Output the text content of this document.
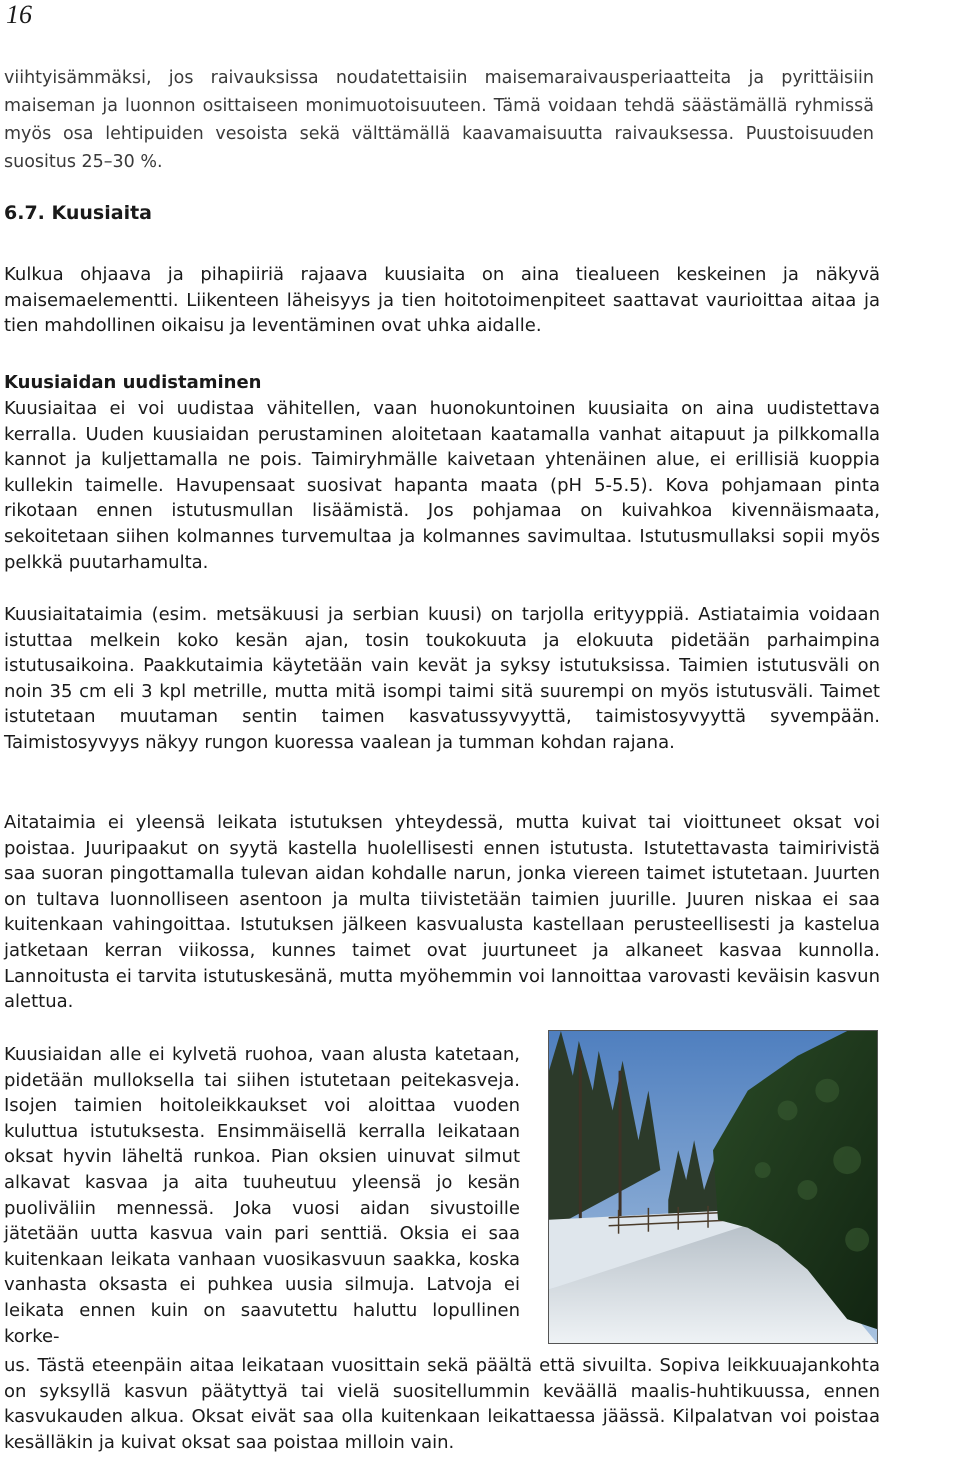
16

viihtyisämmäksi, jos raivauksissa noudatettaisiin maisemaraivausperiaatteita ja pyrittäisiin maiseman ja luonnon osittaiseen monimuotoisuuteen. Tämä voidaan tehdä säästämällä ryhmissä myös osa lehtipuiden vesoista sekä välttämällä kaavamaisuutta raivauksessa. Puustoisuuden suositus 25–30 %.

6.7. Kuusiaita

Kulkua ohjaava ja pihapiiriä rajaava kuusiaita on aina tiealueen keskeinen ja näkyvä maisemaelementti. Liikenteen läheisyys ja tien hoitotoimenpiteet saattavat vaurioittaa aitaa ja tien mahdollinen oikaisu ja leventäminen ovat uhka aidalle.

Kuusiaidan uudistaminen

Kuusiaitaa ei voi uudistaa vähitellen, vaan huonokuntoinen kuusiaita on aina uudistettava kerralla. Uuden kuusiaidan perustaminen aloitetaan kaatamalla vanhat aitapuut ja pilkkomalla kannot ja kuljettamalla ne pois. Taimiryhmälle kaivetaan yhtenäinen alue, ei erillisiä kuoppia kullekin taimelle. Havupensaat suosivat hapanta maata (pH 5-5.5). Kova pohjamaan pinta rikotaan ennen istutusmullan lisäämistä. Jos pohjamaa on kuivahkoa kivennäismaata, sekoitetaan siihen kolmannes turvemultaa ja kolmannes savimultaa. Istutusmullaksi sopii myös pelkkä puutarhamulta.

Kuusiaitataimia (esim. metsäkuusi ja serbian kuusi) on tarjolla erityyppiä. Astiataimia voidaan istuttaa melkein koko kesän ajan, tosin toukokuuta ja elokuuta pidetään parhaimpina istutusaikoina. Paakkutaimia käytetään vain kevät ja syksy istutuksissa. Taimien istutusväli on noin 35 cm eli 3 kpl metrille, mutta mitä isompi taimi sitä suurempi on myös istutusväli. Taimet istutetaan muutaman sentin taimen kasvatussyvyyttä, taimistosyvyyttä syvempään. Taimistosyvyys näkyy rungon kuoressa vaalean ja tumman kohdan rajana.

Aitataimia ei yleensä leikata istutuksen yhteydessä, mutta kuivat tai vioittuneet oksat voi poistaa. Juuripaakut on syytä kastella huolellisesti ennen istutusta. Istutettavasta taimirivistä saa suoran pingottamalla tulevan aidan kohdalle narun, jonka viereen taimet istutetaan. Juurten on tultava luonnolliseen asentoon ja multa tiivistetään taimien juurille. Juuren niskaa ei saa kuitenkaan vahingoittaa. Istutuksen jälkeen kasvualusta kastellaan perusteellisesti ja kastelua jatketaan kerran viikossa, kunnes taimet ovat juurtuneet ja alkaneet kasvaa kunnolla. Lannoitusta ei tarvita istutuskesänä, mutta myöhemmin voi lannoittaa varovasti keväisin kasvun alettua.

Kuusiaidan alle ei kylvetä ruohoa, vaan alusta katetaan, pidetään mulloksella tai siihen istutetaan peitekasveja. Isojen taimien hoitoleikkaukset voi aloittaa vuoden kuluttua istutuksesta. Ensimmäisellä kerralla leikataan oksat hyvin läheltä runkoa. Pian oksien uinuvat silmut alkavat kasvaa ja aita tuuheutuu yleensä jo kesän puoliväliin mennessä. Joka vuosi aidan sivustoille jätetään uutta kasvua vain pari senttiä. Oksia ei saa kuitenkaan leikata vanhaan vuosikasvuun saakka, koska vanhasta oksasta ei puhkea uusia silmuja. Latvoja ei leikata ennen kuin on saavutettu haluttu lopullinen korke-

us. Tästä eteenpäin aitaa leikataan vuosittain sekä päältä että sivuilta. Sopiva leikkuuajankohta on syksyllä kasvun päätyttyä tai vielä suositellummin keväällä maalis-huhtikuussa, ennen kasvukauden alkua. Oksat eivät saa olla kuitenkaan leikattaessa jäässä. Kilpalatvan voi poistaa kesälläkin ja kuivat oksat saa poistaa milloin vain.
